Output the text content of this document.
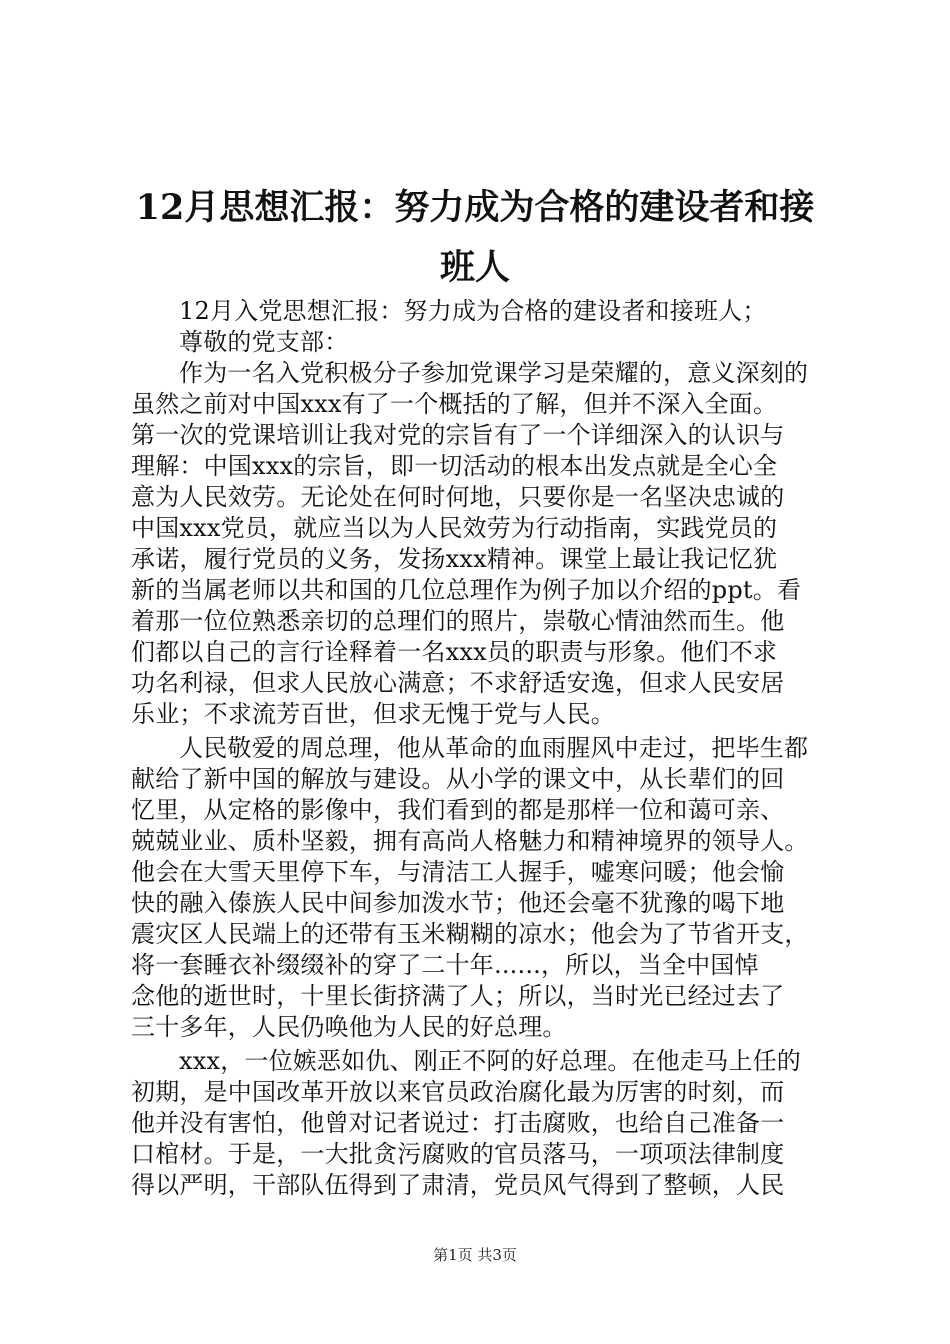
12月思想汇报：努力成为合格的建设者和接
班人

12月入党思想汇报：努力成为合格的建设者和接班人；

尊敬的党支部：

作为一名入党积极分子参加党课学习是荣耀的，意义深刻的

虽然之前对中国xxx有了一个概括的了解，但并不深入全面。

第一次的党课培训让我对党的宗旨有了一个详细深入的认识与

理解：中国xxx的宗旨，即一切活动的根本出发点就是全心全

意为人民效劳。无论处在何时何地，只要你是一名坚决忠诚的

中国xxx党员，就应当以为人民效劳为行动指南，实践党员的

承诺，履行党员的义务，发扬xxx精神。课堂上最让我记忆犹

新的当属老师以共和国的几位总理作为例子加以介绍的ppt。看

着那一位位熟悉亲切的总理们的照片，崇敬心情油然而生。他

们都以自己的言行诠释着一名xxx员的职责与形象。他们不求

功名利禄，但求人民放心满意；不求舒适安逸，但求人民安居

乐业；不求流芳百世，但求无愧于党与人民。

人民敬爱的周总理，他从革命的血雨腥风中走过，把毕生都

献给了新中国的解放与建设。从小学的课文中，从长辈们的回

忆里，从定格的影像中，我们看到的都是那样一位和蔼可亲、

兢兢业业、质朴坚毅，拥有高尚人格魅力和精神境界的领导人。

他会在大雪天里停下车，与清洁工人握手，嘘寒问暖；他会愉

快的融入傣族人民中间参加泼水节；他还会毫不犹豫的喝下地

震灾区人民端上的还带有玉米糊糊的凉水；他会为了节省开支，

将一套睡衣补缀缀补的穿了二十年......，所以，当全中国悼

念他的逝世时，十里长街挤满了人；所以，当时光已经过去了

三十多年，人民仍唤他为人民的好总理。

xxx，一位嫉恶如仇、刚正不阿的好总理。在他走马上任的

初期，是中国改革开放以来官员政治腐化最为厉害的时刻，而

他并没有害怕，他曾对记者说过：打击腐败，也给自己准备一

口棺材。于是，一大批贪污腐败的官员落马，一项项法律制度

得以严明，干部队伍得到了肃清，党员风气得到了整顿，人民

第1页 共3页
